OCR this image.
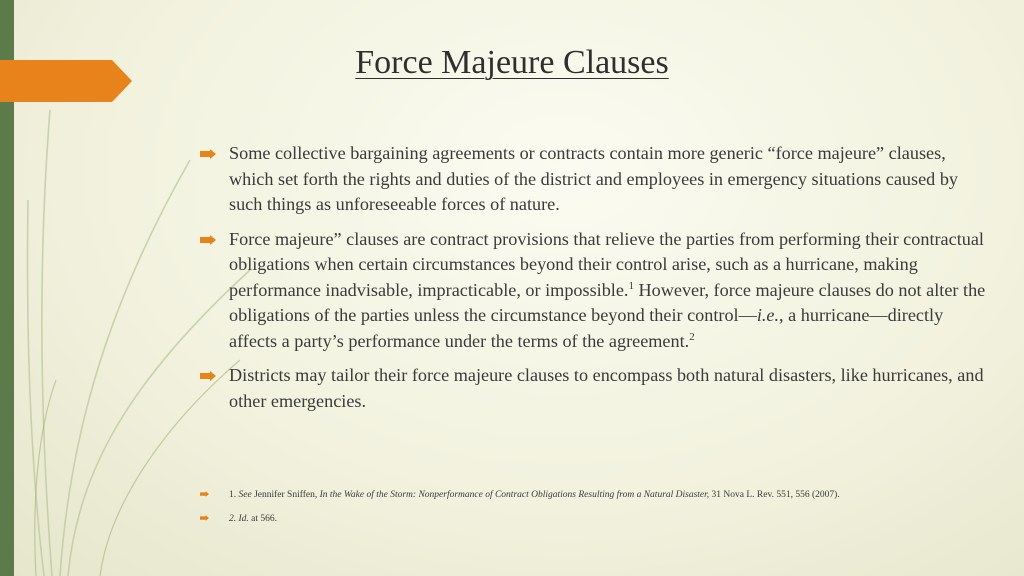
Force Majeure Clauses
Some collective bargaining agreements or contracts contain more generic “force majeure” clauses, which set forth the rights and duties of the district and employees in emergency situations caused by such things as unforeseeable forces of nature.
Force majeure” clauses are contract provisions that relieve the parties from performing their contractual obligations when certain circumstances beyond their control arise, such as a hurricane, making performance inadvisable, impracticable, or impossible.$^1$ However, force majeure clauses do not alter the obligations of the parties unless the circumstance beyond their control—i.e., a hurricane—directly affects a party’s performance under the terms of the agreement.$^2$
Districts may tailor their force majeure clauses to encompass both natural disasters, like hurricanes, and other emergencies.
1. See Jennifer Sniffen, In the Wake of the Storm: Nonperformance of Contract Obligations Resulting from a Natural Disaster, 31 Nova L. Rev. 551, 556 (2007).
2. Id. at 566.
